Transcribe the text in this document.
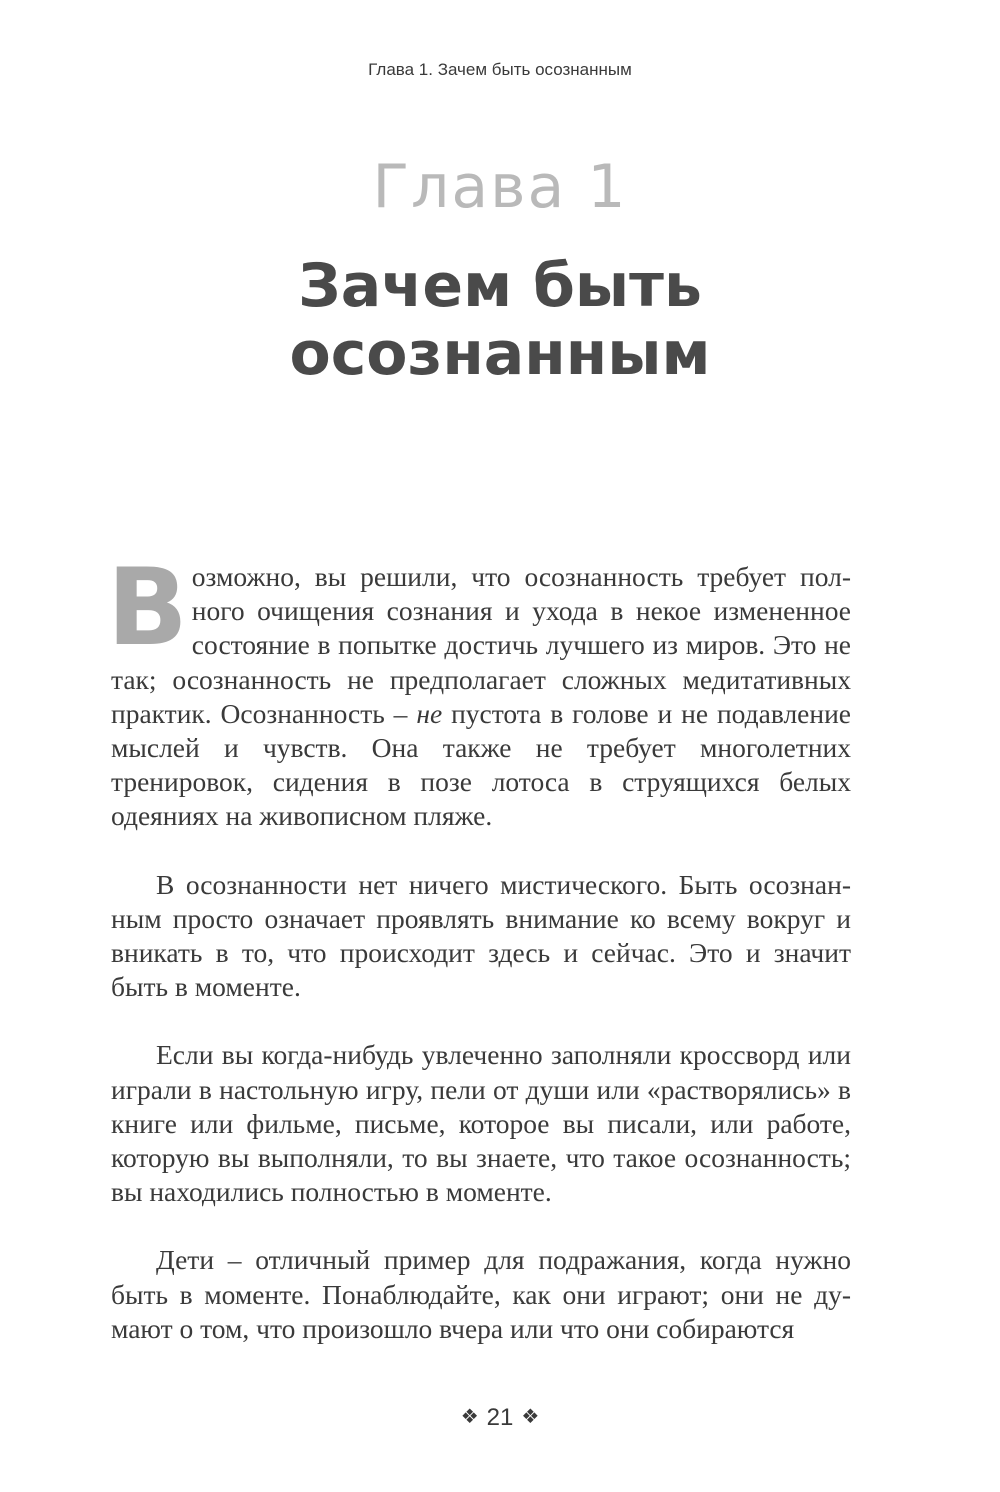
Глава 1. Зачем быть осознанным
Глава 1
Зачем быть
осознанным

Возможно, вы решили, что осознанность требует полного очищения сознания и ухода в некое измененное состояние в попытке достичь лучшего из миров. Это не так; осознанность не предполагает сложных медитативных практик. Осознанность – не пустота в голове и не подавление мыслей и чувств. Она также не требует многолетних тренировок, сидения в позе лотоса в струящихся белых одеяниях на живописном пляже.

В осознанности нет ничего мистического. Быть осознанным просто означает проявлять внимание ко всему вокруг и вникать в то, что происходит здесь и сейчас. Это и значит быть в моменте.

Если вы когда-нибудь увлеченно заполняли кроссворд или играли в настольную игру, пели от души или «растворялись» в книге или фильме, письме, которое вы писали, или работе, которую вы выполняли, то вы знаете, что такое осознанность; вы находились полностью в моменте.

Дети – отличный пример для подражания, когда нужно быть в моменте. Понаблюдайте, как они играют; они не думают о том, что произошло вчера или что они собираются

❖ 21 ❖
